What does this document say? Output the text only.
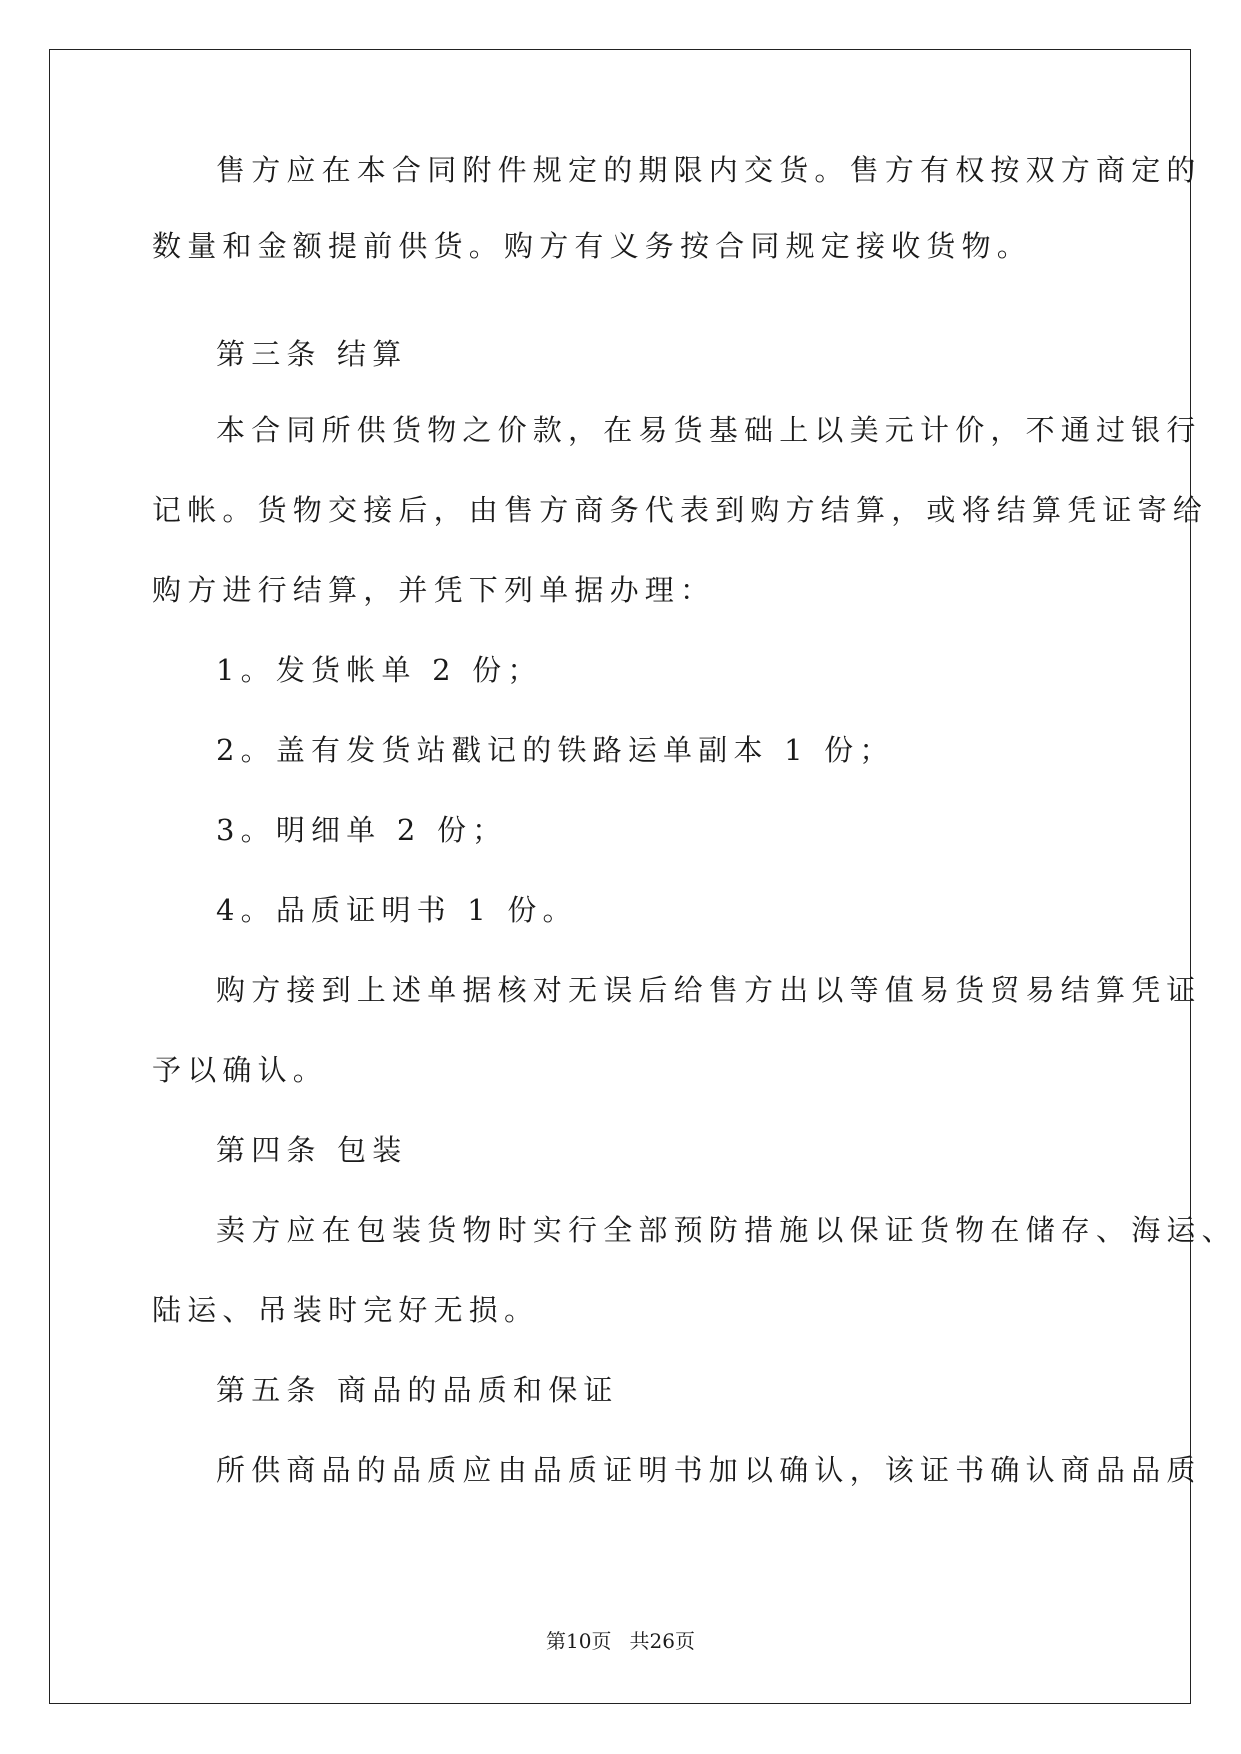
售方应在本合同附件规定的期限内交货。售方有权按双方商定的
数量和金额提前供货。购方有义务按合同规定接收货物。
第三条 结算
本合同所供货物之价款，在易货基础上以美元计价，不通过银行
记帐。货物交接后，由售方商务代表到购方结算，或将结算凭证寄给
购方进行结算，并凭下列单据办理：
1。发货帐单 2 份；
2。盖有发货站戳记的铁路运单副本 1 份；
3。明细单 2 份；
4。品质证明书 1 份。
购方接到上述单据核对无误后给售方出以等值易货贸易结算凭证
予以确认。
第四条 包装
卖方应在包装货物时实行全部预防措施以保证货物在储存、海运、
陆运、吊装时完好无损。
第五条 商品的品质和保证
所供商品的品质应由品质证明书加以确认，该证书确认商品品质
第10页 共26页
